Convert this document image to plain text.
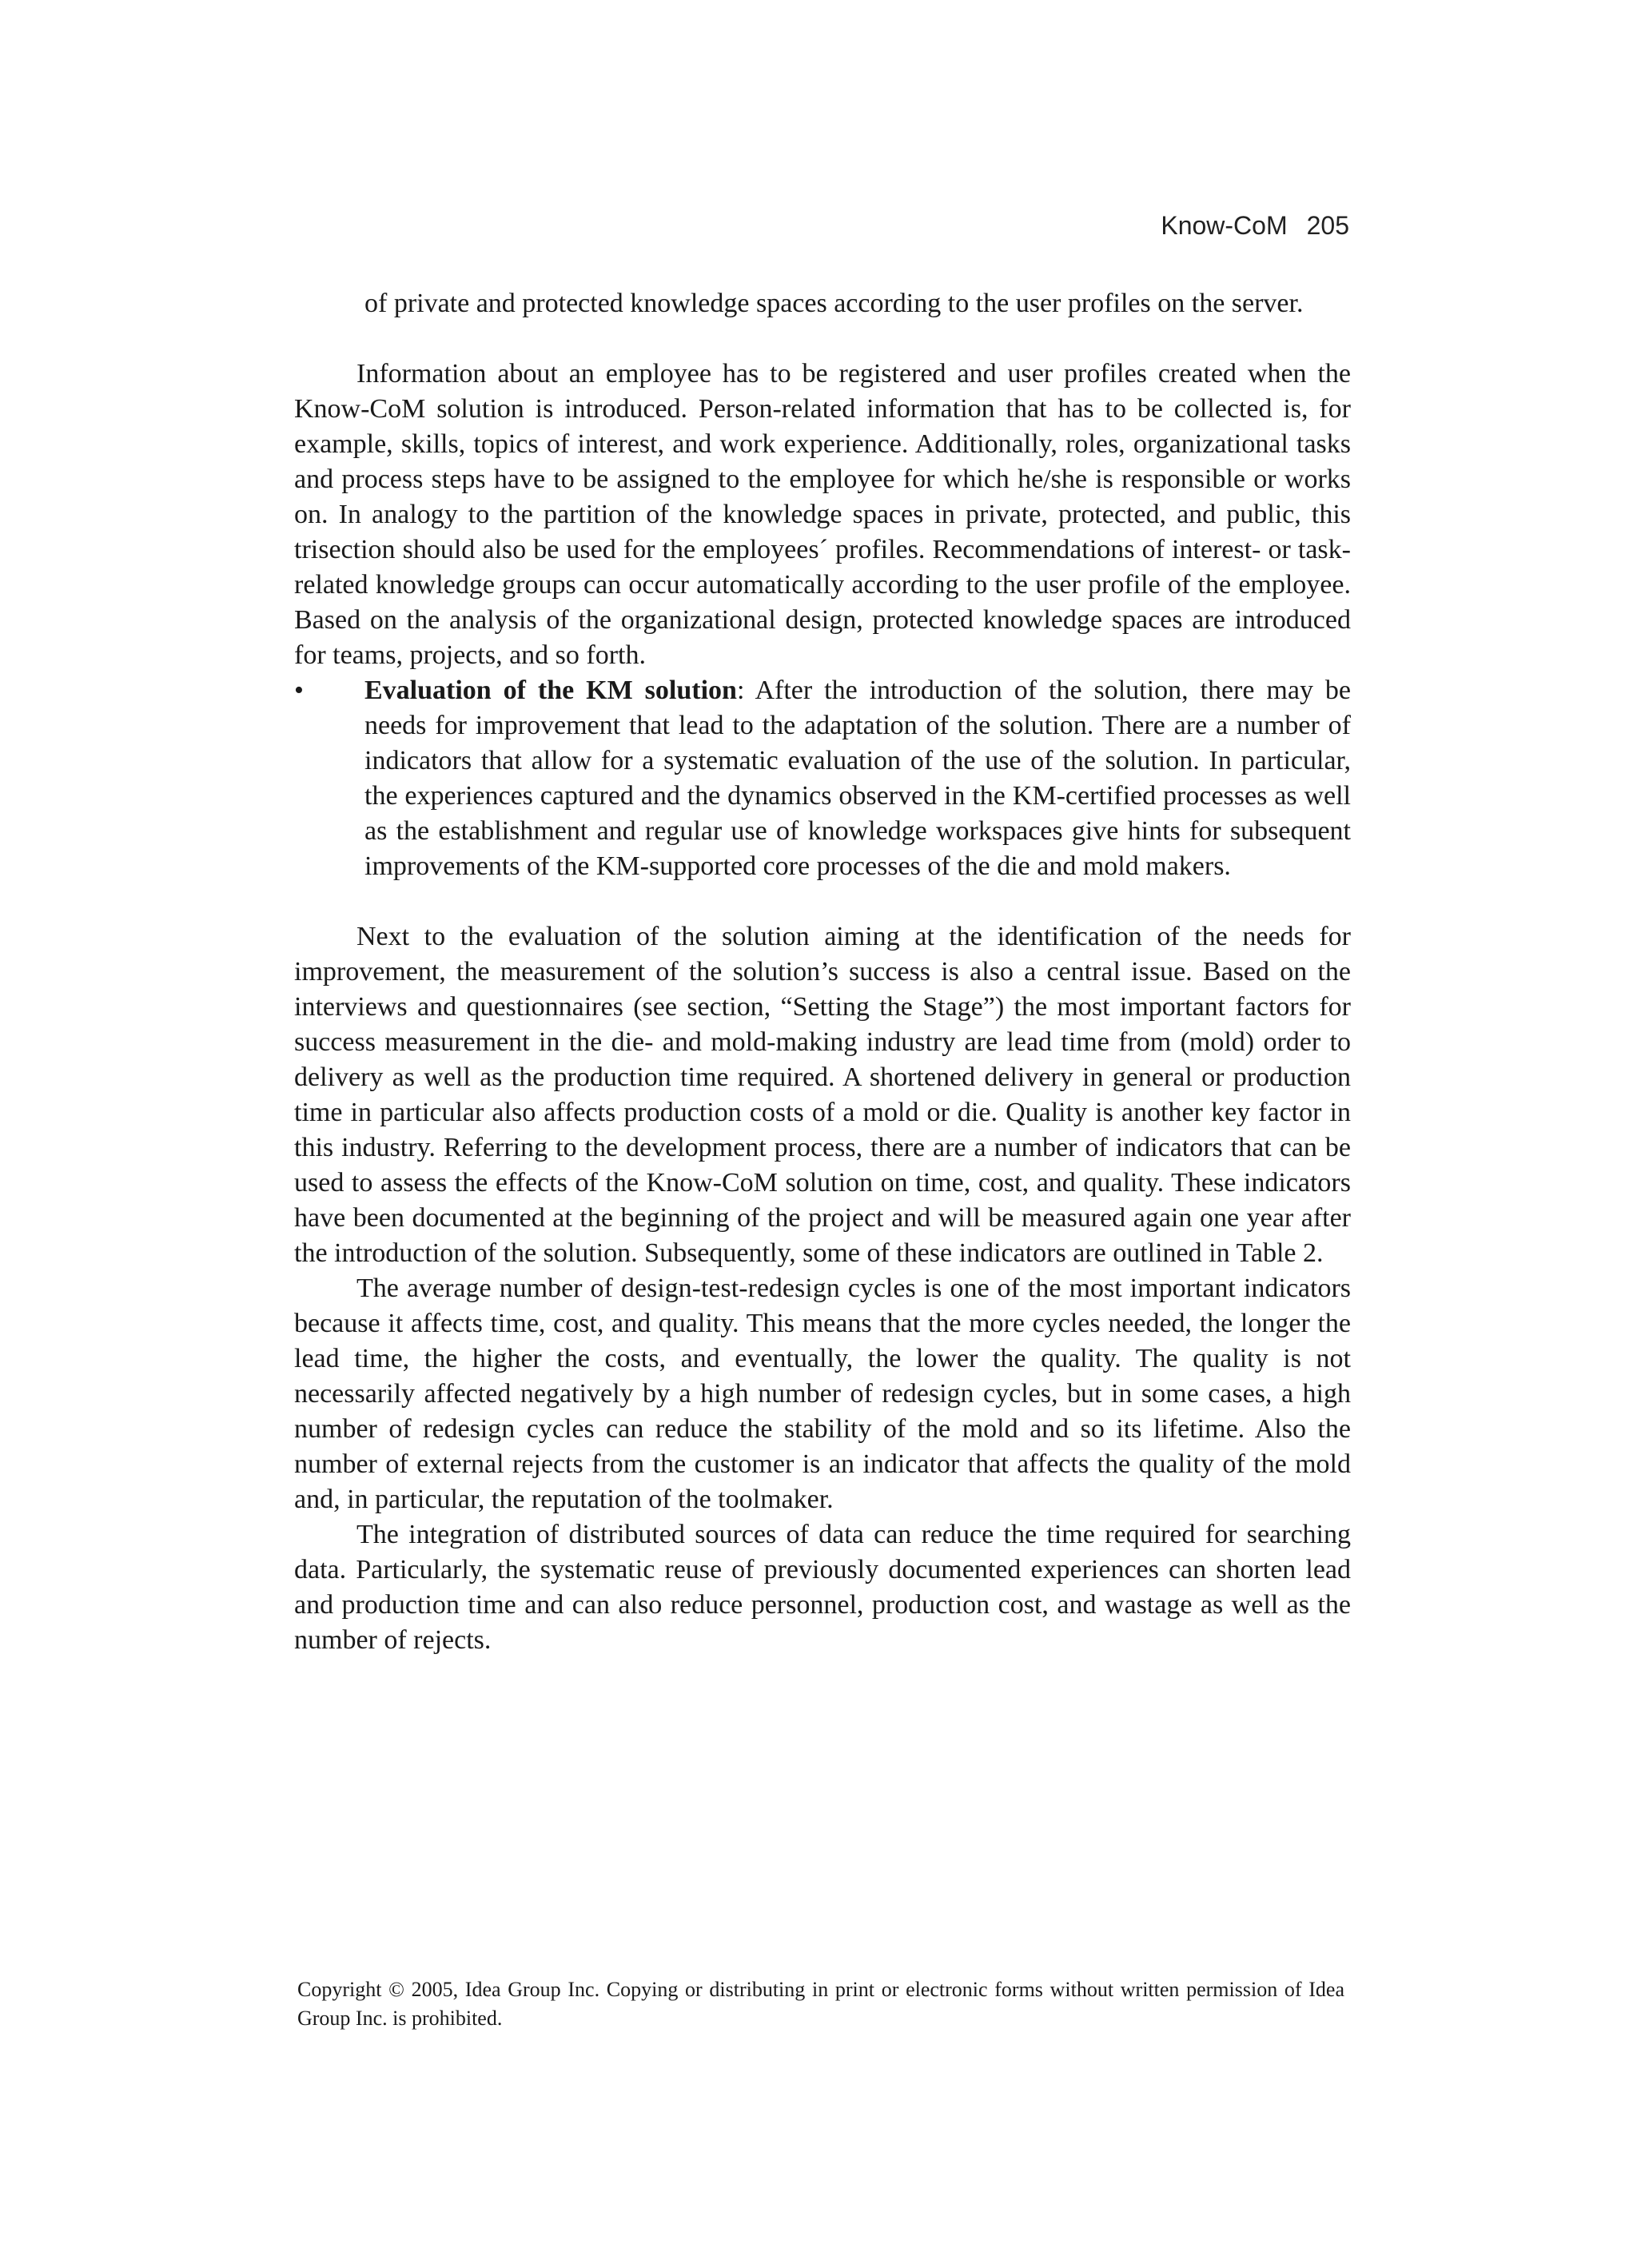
Know-CoM 205

of private and protected knowledge spaces according to the user profiles on the server.

Information about an employee has to be registered and user profiles created when the Know-CoM solution is introduced. Person-related information that has to be collected is, for example, skills, topics of interest, and work experience. Additionally, roles, organizational tasks and process steps have to be assigned to the employee for which he/she is responsible or works on. In analogy to the partition of the knowledge spaces in private, protected, and public, this trisection should also be used for the employees´ profiles. Recommendations of interest- or task-related knowledge groups can occur automatically according to the user profile of the employee. Based on the analysis of the organizational design, protected knowledge spaces are introduced for teams, projects, and so forth.

•	Evaluation of the KM solution: After the introduction of the solution, there may be needs for improvement that lead to the adaptation of the solution. There are a number of indicators that allow for a systematic evaluation of the use of the solution. In particular, the experiences captured and the dynamics observed in the KM-certified processes as well as the establishment and regular use of knowledge workspaces give hints for subsequent improvements of the KM-supported core processes of the die and mold makers.

Next to the evaluation of the solution aiming at the identification of the needs for improvement, the measurement of the solution’s success is also a central issue. Based on the interviews and questionnaires (see section, “Setting the Stage”) the most important factors for success measurement in the die- and mold-making industry are lead time from (mold) order to delivery as well as the production time required. A shortened delivery in general or production time in particular also affects production costs of a mold or die. Quality is another key factor in this industry. Referring to the development process, there are a number of indicators that can be used to assess the effects of the Know-CoM solution on time, cost, and quality. These indicators have been documented at the beginning of the project and will be measured again one year after the introduction of the solution. Subsequently, some of these indicators are outlined in Table 2.

The average number of design-test-redesign cycles is one of the most important indicators because it affects time, cost, and quality. This means that the more cycles needed, the longer the lead time, the higher the costs, and eventually, the lower the quality. The quality is not necessarily affected negatively by a high number of redesign cycles, but in some cases, a high number of redesign cycles can reduce the stability of the mold and so its lifetime. Also the number of external rejects from the customer is an indicator that affects the quality of the mold and, in particular, the reputation of the toolmaker.

The integration of distributed sources of data can reduce the time required for searching data. Particularly, the systematic reuse of previously documented experiences can shorten lead and production time and can also reduce personnel, production cost, and wastage as well as the number of rejects.

Copyright © 2005, Idea Group Inc. Copying or distributing in print or electronic forms without written permission of Idea Group Inc. is prohibited.
